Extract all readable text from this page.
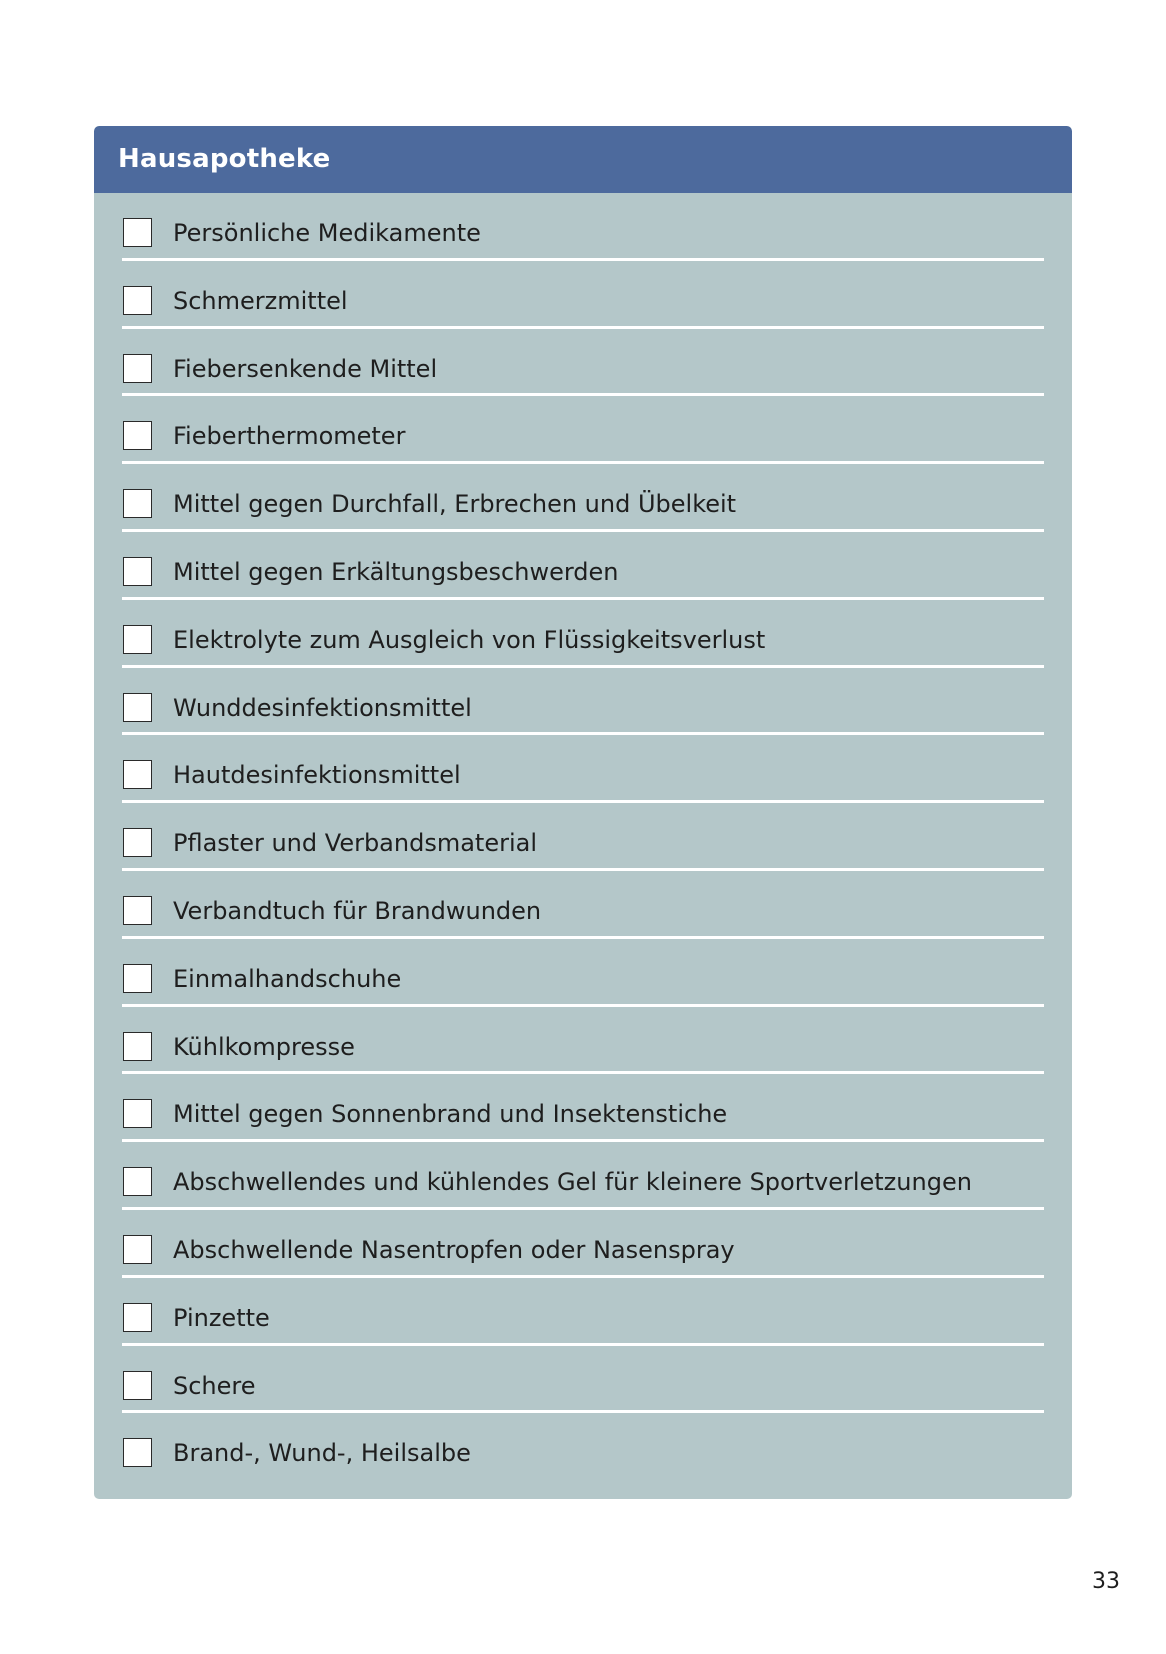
Hausapotheke
Persönliche Medikamente
Schmerzmittel
Fiebersenkende Mittel
Fieberthermometer
Mittel gegen Durchfall, Erbrechen und Übelkeit
Mittel gegen Erkältungsbeschwerden
Elektrolyte zum Ausgleich von Flüssigkeitsverlust
Wunddesinfektionsmittel
Hautdesinfektionsmittel
Pflaster und Verbandsmaterial
Verbandtuch für Brandwunden
Einmalhandschuhe
Kühlkompresse
Mittel gegen Sonnenbrand und Insektenstiche
Abschwellendes und kühlendes Gel für kleinere Sportverletzungen
Abschwellende Nasentropfen oder Nasenspray
Pinzette
Schere
Brand-, Wund-, Heilsalbe
33
